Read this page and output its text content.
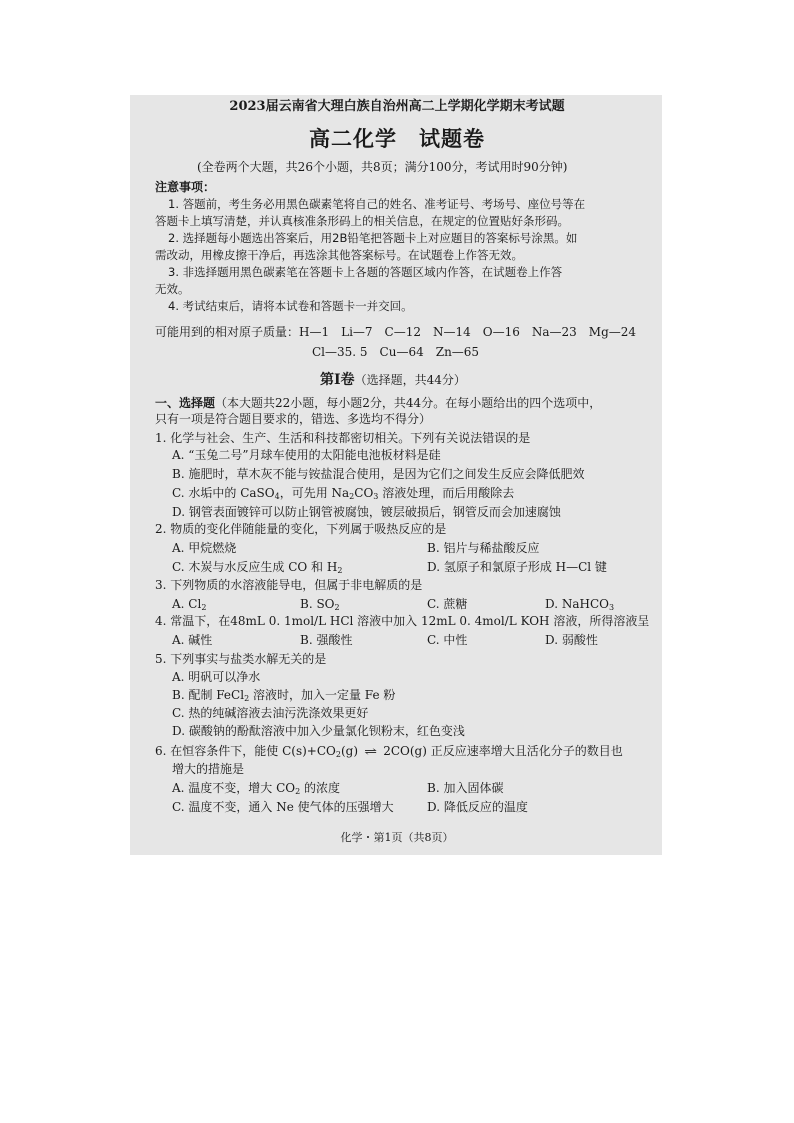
2023届云南省大理白族自治州高二上学期化学期末考试题
高二化学　试题卷
(全卷两个大题，共26个小题，共8页；满分100分，考试用时90分钟)
注意事项：
1. 答题前，考生务必用黑色碳素笔将自己的姓名、准考证号、考场号、座位号等在
答题卡上填写清楚，并认真核准条形码上的相关信息，在规定的位置贴好条形码。
2. 选择题每小题选出答案后，用2B铅笔把答题卡上对应题目的答案标号涂黑。如
需改动，用橡皮擦干净后，再选涂其他答案标号。在试题卷上作答无效。
3. 非选择题用黑色碳素笔在答题卡上各题的答题区域内作答，在试题卷上作答
无效。
4. 考试结束后，请将本试卷和答题卡一并交回。
可能用到的相对原子质量：H—1　Li—7　C—12　N—14　O—16　Na—23　Mg—24
Cl—35. 5　Cu—64　Zn—65
第Ⅰ卷（选择题，共44分）
一、选择题（本大题共22小题，每小题2分，共44分。在每小题给出的四个选项中，
只有一项是符合题目要求的，错选、多选均不得分）
1. 化学与社会、生产、生活和科技都密切相关。下列有关说法错误的是
A. “玉兔二号”月球车使用的太阳能电池板材料是硅
B. 施肥时，草木灰不能与铵盐混合使用，是因为它们之间发生反应会降低肥效
C. 水垢中的 CaSO$_4$，可先用 $Na_2CO_3$ 溶液处理，而后用酸除去
D. 钢管表面镀锌可以防止钢管被腐蚀，镀层破损后，钢管反而会加速腐蚀
2. 物质的变化伴随能量的变化，下列属于吸热反应的是
A. 甲烷燃烧	B. 铝片与稀盐酸反应
C. 木炭与水反应生成 CO 和 $H_2$	D. 氢原子和氯原子形成 H—Cl 键
3. 下列物质的水溶液能导电，但属于非电解质的是
A. $Cl_2$	B. $SO_2$	C. 蔗糖	D. NaHCO$_3$
4. 常温下，在48mL 0. 1mol/L HCl 溶液中加入 12mL 0. 4mol/L KOH 溶液，所得溶液呈
A. 碱性	B. 强酸性	C. 中性	D. 弱酸性
5. 下列事实与盐类水解无关的是
A. 明矾可以净水
B. 配制 FeCl$_2$ 溶液时，加入一定量 Fe 粉
C. 热的纯碱溶液去油污洗涤效果更好
D. 碳酸钠的酚酞溶液中加入少量氯化钡粉末，红色变浅
6. 在恒容条件下，能使 $C(s)+CO_2(g)$ ⇌ 2CO(g) 正反应速率增大且活化分子的数目也
增大的措施是
A. 温度不变，增大 $CO_2$ 的浓度	B. 加入固体碳
C. 温度不变，通入 Ne 使气体的压强增大	D. 降低反应的温度
化学・第1页（共8页）
